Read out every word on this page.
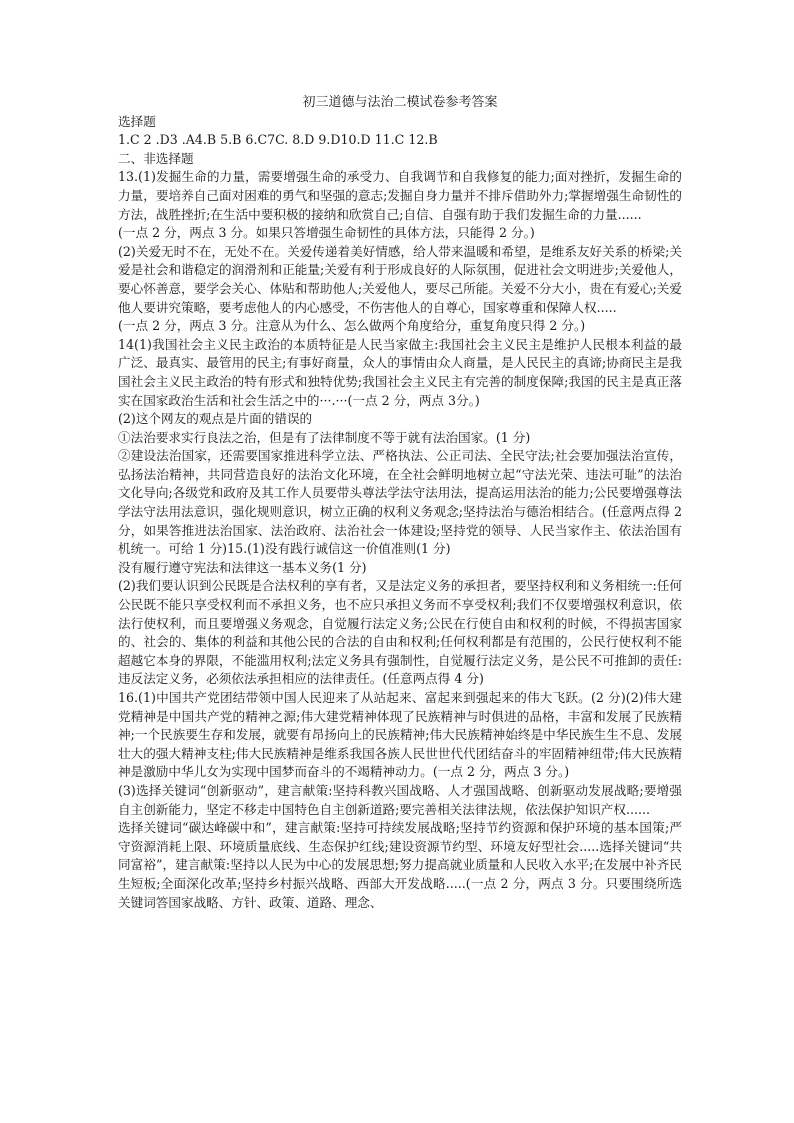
初三道德与法治二模试卷参考答案

选择题

1.C 2 .D3 .A4.B 5.B 6.C7C. 8.D 9.D10.D 11.C 12.B

二、非选择题

13.(1)发掘生命的力量，需要增强生命的承受力、自我调节和自我修复的能力;面对挫折，发掘生命的力量，要培养自己面对困难的勇气和坚强的意志;发掘自身力量并不排斥借助外力;掌握增强生命韧性的方法，战胜挫折;在生活中要积极的接纳和欣赏自己;自信、自强有助于我们发掘生命的力量......

(一点 2 分，两点 3 分。如果只答增强生命韧性的具体方法，只能得 2 分。)

(2)关爱无时不在，无处不在。关爱传递着美好情感，给人带来温暖和希望，是维系友好关系的桥梁;关爱是社会和谐稳定的润滑剂和正能量;关爱有利于形成良好的人际氛围，促进社会文明进步;关爱他人，要心怀善意，要学会关心、体贴和帮助他人;关爱他人，要尽己所能。关爱不分大小，贵在有爱心;关爱他人要讲究策略，要考虑他人的内心感受，不伤害他人的自尊心，国家尊重和保障人权.....

(一点 2 分，两点 3 分。注意从为什么、怎么做两个角度给分，重复角度只得 2 分。)

14(1)我国社会主义民主政治的本质特征是人民当家做主:我国社会主义民主是维护人民根本利益的最广泛、最真实、最管用的民主;有事好商量，众人的事情由众人商量，是人民民主的真谛;协商民主是我国社会主义民主政治的特有形式和独特优势;我国社会主义民主有完善的制度保障;我国的民主是真正落实在国家政治生活和社会生活之中的···.···(一点 2 分，两点 3分。)

(2)这个网友的观点是片面的错误的

①法治要求实行良法之治，但是有了法律制度不等于就有法治国家。(1 分)

②建设法治国家，还需要国家推进科学立法、严格执法、公正司法、全民守法;社会要加强法治宣传，弘扬法治精神，共同营造良好的法治文化环境，在全社会鲜明地树立起“守法光荣、违法可耻”的法治文化导向;各级党和政府及其工作人员要带头尊法学法守法用法，提高运用法治的能力;公民要增强尊法学法守法用法意识，强化规则意识，树立正确的权利义务观念;坚持法治与德治相结合。(任意两点得 2 分，如果答推进法治国家、法治政府、法治社会一体建设;坚持党的领导、人民当家作主、依法治国有机统一。可给 1 分)15.(1)没有践行诚信这一价值准则(1 分)

没有履行遵守宪法和法律这一基本义务(1 分)

(2)我们要认识到公民既是合法权利的享有者，又是法定义务的承担者，要坚持权利和义务相统一:任何公民既不能只享受权利而不承担义务，也不应只承担义务而不享受权利;我们不仅要增强权利意识，依法行使权利，而且要增强义务观念，自觉履行法定义务;公民在行使自由和权利的时候，不得损害国家的、社会的、集体的利益和其他公民的合法的自由和权利;任何权利都是有范围的，公民行使权利不能超越它本身的界限，不能滥用权利;法定义务具有强制性，自觉履行法定义务，是公民不可推卸的责任:违反法定义务，必须依法承担相应的法律责任。(任意两点得 4 分)

16.(1)中国共产党团结带领中国人民迎来了从站起来、富起来到强起来的伟大飞跃。(2 分)(2)伟大建党精神是中国共产党的精神之源;伟大建党精神体现了民族精神与时俱进的品格，丰富和发展了民族精神;一个民族要生存和发展，就要有昂扬向上的民族精神;伟大民族精神始终是中华民族生生不息、发展壮大的强大精神支柱;伟大民族精神是维系我国各族人民世世代代团结奋斗的牢固精神纽带;伟大民族精神是激励中华儿女为实现中国梦而奋斗的不竭精神动力。(一点 2 分，两点 3 分。)

(3)选择关键词“创新驱动”，建言献策:坚持科教兴国战略、人才强国战略、创新驱动发展战略;要增强自主创新能力，坚定不移走中国特色自主创新道路;要完善相关法律法规，依法保护知识产权......

选择关键词“碳达峰碳中和”，建言献策:坚持可持续发展战略;坚持节约资源和保护环境的基本国策;严守资源消耗上限、环境质量底线、生态保护红线;建设资源节约型、环境友好型社会.....选择关键词“共同富裕”，建言献策:坚持以人民为中心的发展思想;努力提高就业质量和人民收入水平;在发展中补齐民生短板;全面深化改革;坚持乡村振兴战略、西部大开发战略.....(一点 2 分，两点 3 分。只要围绕所选关键词答国家战略、方针、政策、道路、理念、
